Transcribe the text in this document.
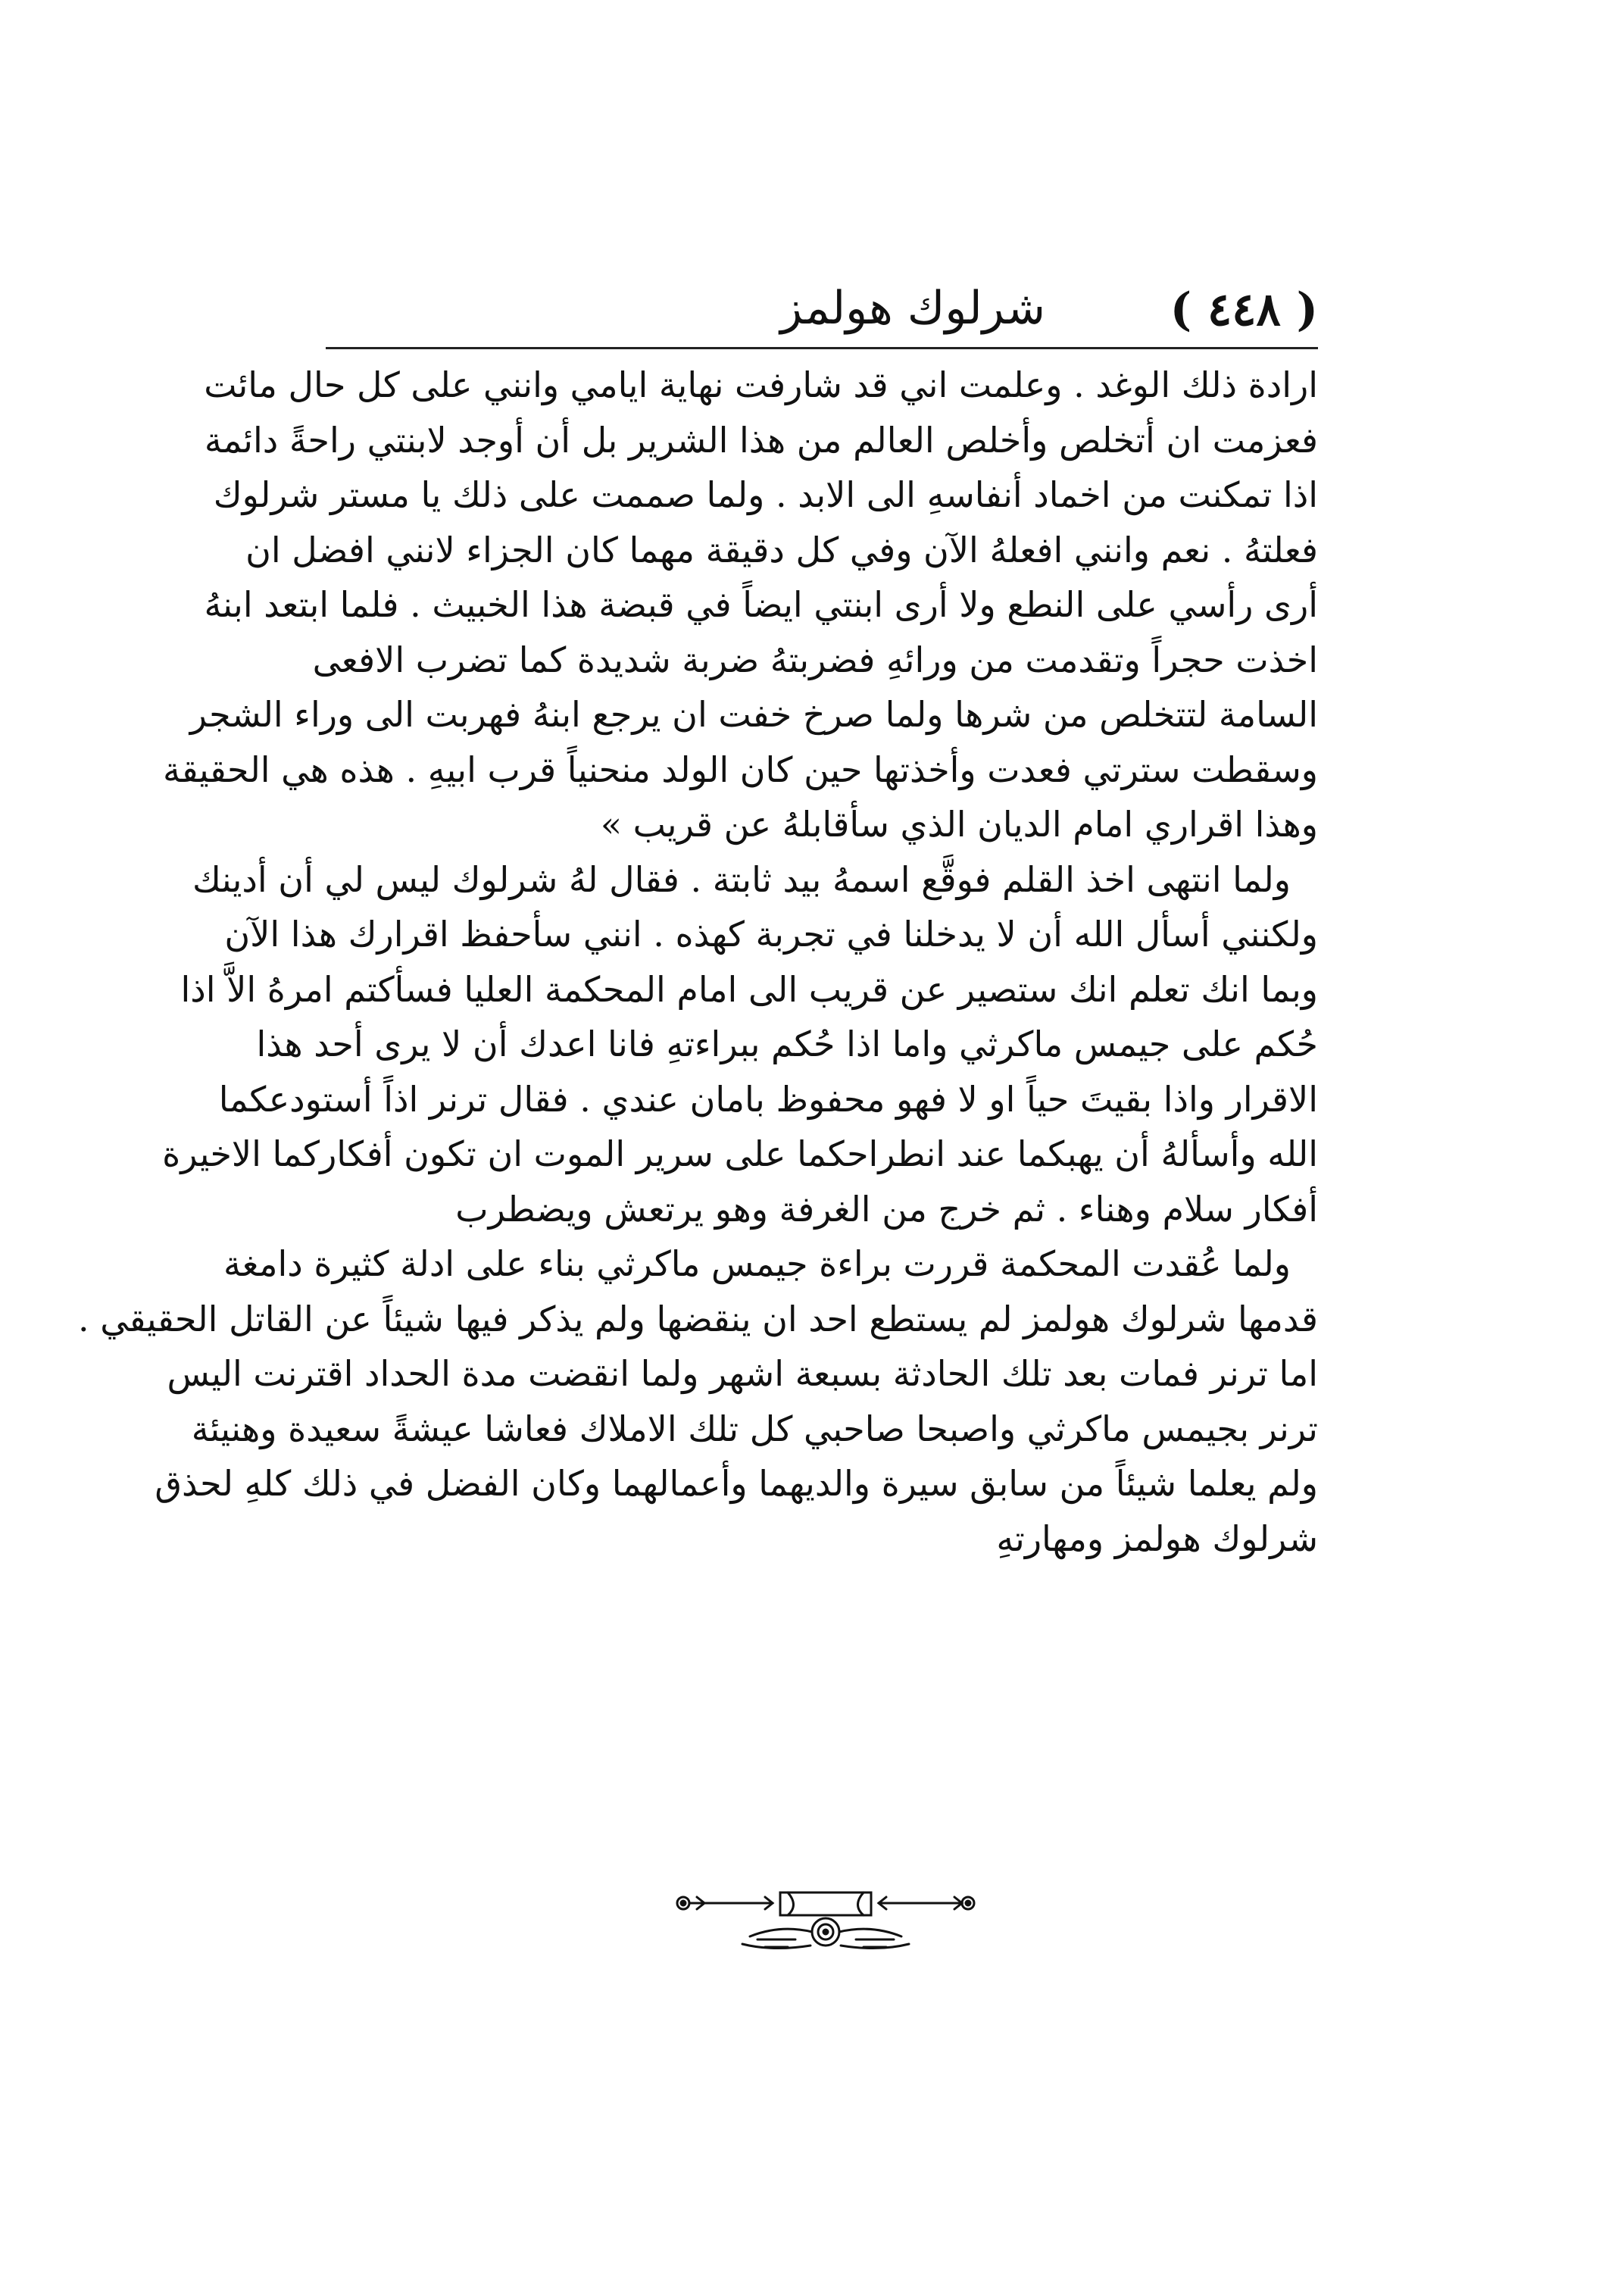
( ٤٤٨ )
شرلوك هولمز
ارادة ذلك الوغد . وعلمت اني قد شارفت نهاية ايامي وانني على كل حال مائت
فعزمت ان أتخلص وأخلص العالم من هذا الشرير بل أن أوجد لابنتي راحةً دائمة
اذا تمكنت من اخماد أنفاسهِ الى الابد . ولما صممت على ذلك يا مستر شرلوك
فعلتهُ . نعم وانني افعلهُ الآن وفي كل دقيقة مهما كان الجزاء لانني افضل ان
أرى رأسي على النطع ولا أرى ابنتي ايضاً في قبضة هذا الخبيث . فلما ابتعد ابنهُ
اخذت حجراً وتقدمت من ورائهِ فضربتهُ ضربة شديدة كما تضرب الافعى
السامة لتتخلص من شرها ولما صرخ خفت ان يرجع ابنهُ فهربت الى وراء الشجر
وسقطت سترتي فعدت وأخذتها حين كان الولد منحنياً قرب ابيهِ . هذه هي الحقيقة
وهذا اقراري امام الديان الذي سأقابلهُ عن قريب »
ولما انتهى اخذ القلم فوقَّع اسمهُ بيد ثابتة . فقال لهُ شرلوك ليس لي أن أدينك
ولكنني أسأل الله أن لا يدخلنا في تجربة كهذه . انني سأحفظ اقرارك هذا الآن
وبما انك تعلم انك ستصير عن قريب الى امام المحكمة العليا فسأكتم امرهُ الاَّ اذا
حُكم على جيمس ماكرثي واما اذا حُكم ببراءتهِ فانا اعدك أن لا يرى أحد هذا
الاقرار واذا بقيتَ حياً او لا فهو محفوظ بامان عندي . فقال ترنر اذاً أستودعكما
الله وأسألهُ أن يهبكما عند انطراحكما على سرير الموت ان تكون أفكاركما الاخيرة
أفكار سلام وهناء . ثم خرج من الغرفة وهو يرتعش ويضطرب
ولما عُقدت المحكمة قررت براءة جيمس ماكرثي بناء على ادلة كثيرة دامغة
قدمها شرلوك هولمز لم يستطع احد ان ينقضها ولم يذكر فيها شيئاً عن القاتل الحقيقي .
اما ترنر فمات بعد تلك الحادثة بسبعة اشهر ولما انقضت مدة الحداد اقترنت اليس
ترنر بجيمس ماكرثي واصبحا صاحبي كل تلك الاملاك فعاشا عيشةً سعيدة وهنيئة
ولم يعلما شيئاً من سابق سيرة والديهما وأعمالهما وكان الفضل في ذلك كلهِ لحذق
شرلوك هولمز ومهارتهِ
